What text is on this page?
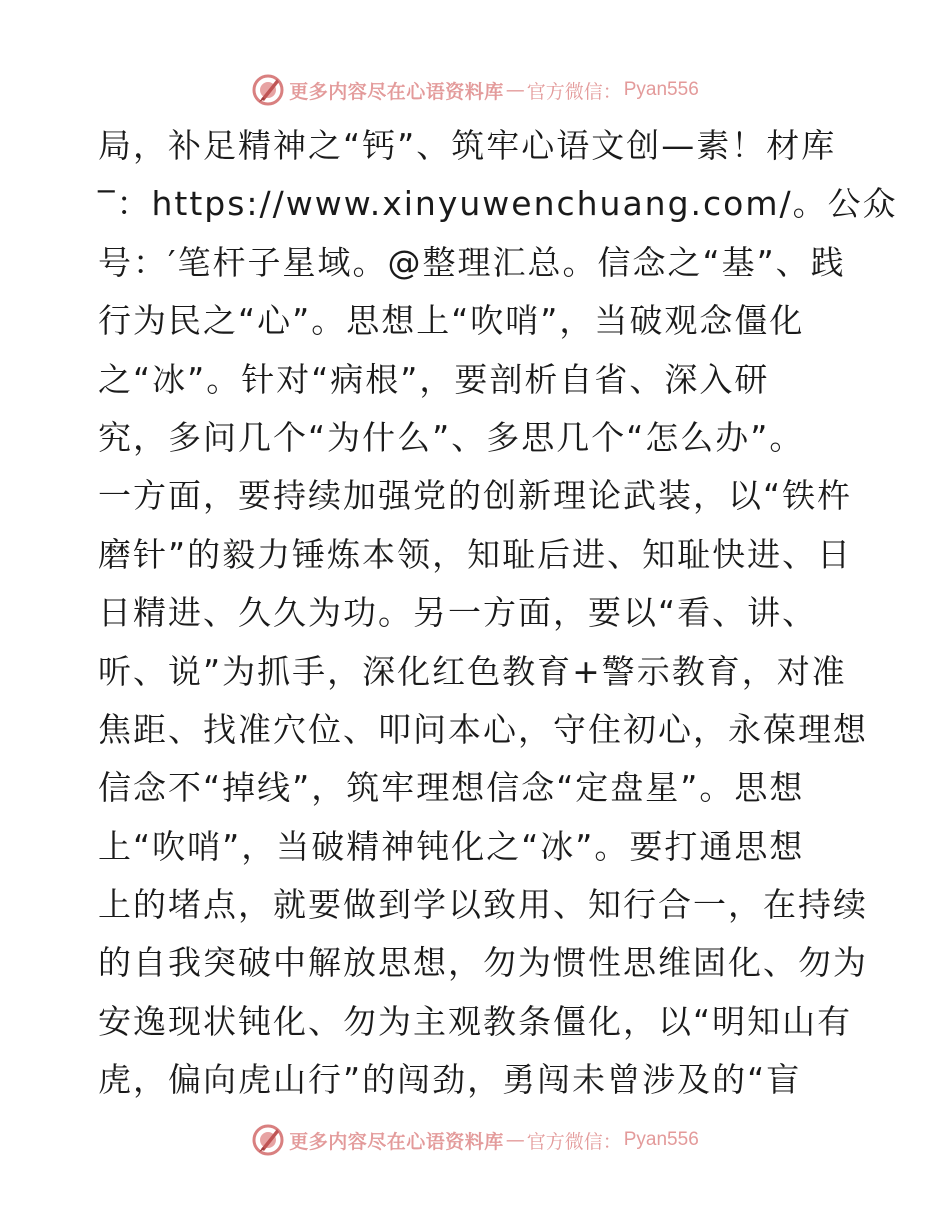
更多内容尽在心语资料库 — 官方微信： Pyan556
局，补足精神之“钙”、筑牢心语文创—素！材库
‾：https://www.xinyuwenchuang.com/。公众
号：′笔杆子星域。@整理汇总。信念之“基”、践
行为民之“心”。思想上“吹哨”，当破观念僵化
之“冰”。针对“病根”，要剖析自省、深入研
究，多问几个“为什么”、多思几个“怎么办”。
一方面，要持续加强党的创新理论武装，以“铁杵
磨针”的毅力锤炼本领，知耻后进、知耻快进、日
日精进、久久为功。另一方面，要以“看、讲、
听、说”为抓手，深化红色教育+警示教育，对准
焦距、找准穴位、叩问本心，守住初心，永葆理想
信念不“掉线”，筑牢理想信念“定盘星”。思想
上“吹哨”，当破精神钝化之“冰”。要打通思想
上的堵点，就要做到学以致用、知行合一，在持续
的自我突破中解放思想，勿为惯性思维固化、勿为
安逸现状钝化、勿为主观教条僵化，以“明知山有
虎，偏向虎山行”的闯劲，勇闯未曾涉及的“盲
更多内容尽在心语资料库 — 官方微信： Pyan556
